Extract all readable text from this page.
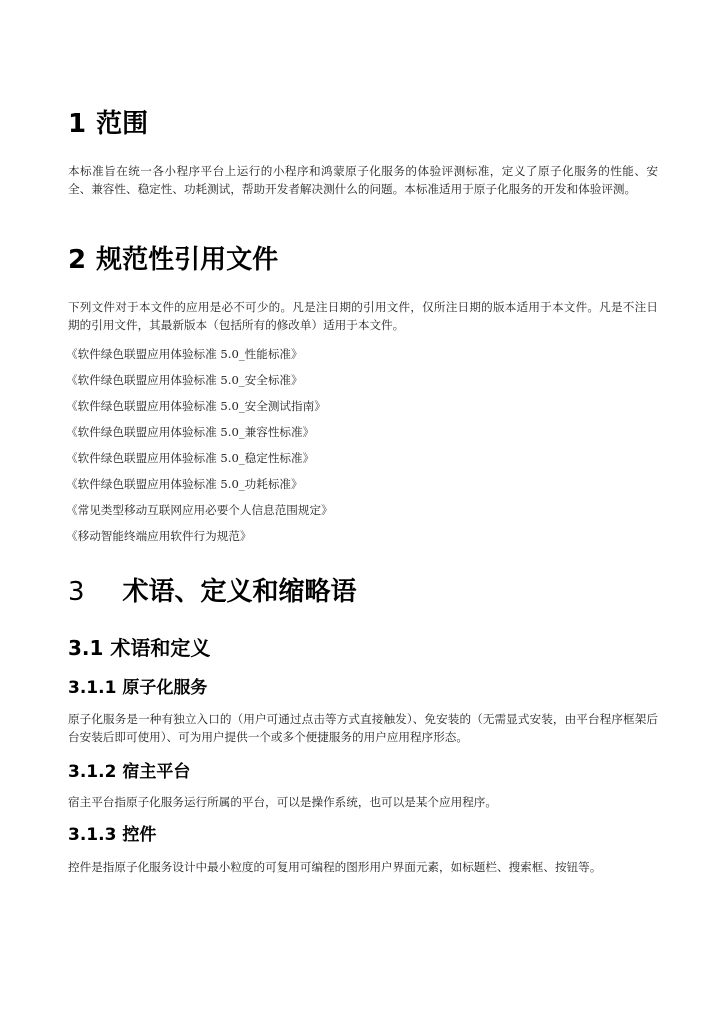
1 范围

本标准旨在统一各小程序平台上运行的小程序和鸿蒙原子化服务的体验评测标准，定义了原子化服务的性能、安全、兼容性、稳定性、功耗测试，帮助开发者解决测什么的问题。本标准适用于原子化服务的开发和体验评测。

2 规范性引用文件

下列文件对于本文件的应用是必不可少的。凡是注日期的引用文件，仅所注日期的版本适用于本文件。凡是不注日期的引用文件，其最新版本（包括所有的修改单）适用于本文件。

《软件绿色联盟应用体验标准 5.0_性能标准》

《软件绿色联盟应用体验标准 5.0_安全标准》

《软件绿色联盟应用体验标准 5.0_安全测试指南》

《软件绿色联盟应用体验标准 5.0_兼容性标准》

《软件绿色联盟应用体验标准 5.0_稳定性标准》

《软件绿色联盟应用体验标准 5.0_功耗标准》

《常见类型移动互联网应用必要个人信息范围规定》

《移动智能终端应用软件行为规范》

3 术语、定义和缩略语
3.1 术语和定义
3.1.1 原子化服务

原子化服务是一种有独立入口的（用户可通过点击等方式直接触发）、免安装的（无需显式安装，由平台程序框架后台安装后即可使用）、可为用户提供一个或多个便捷服务的用户应用程序形态。

3.1.2 宿主平台

宿主平台指原子化服务运行所属的平台，可以是操作系统，也可以是某个应用程序。

3.1.3 控件

控件是指原子化服务设计中最小粒度的可复用可编程的图形用户界面元素，如标题栏、搜索框、按钮等。
